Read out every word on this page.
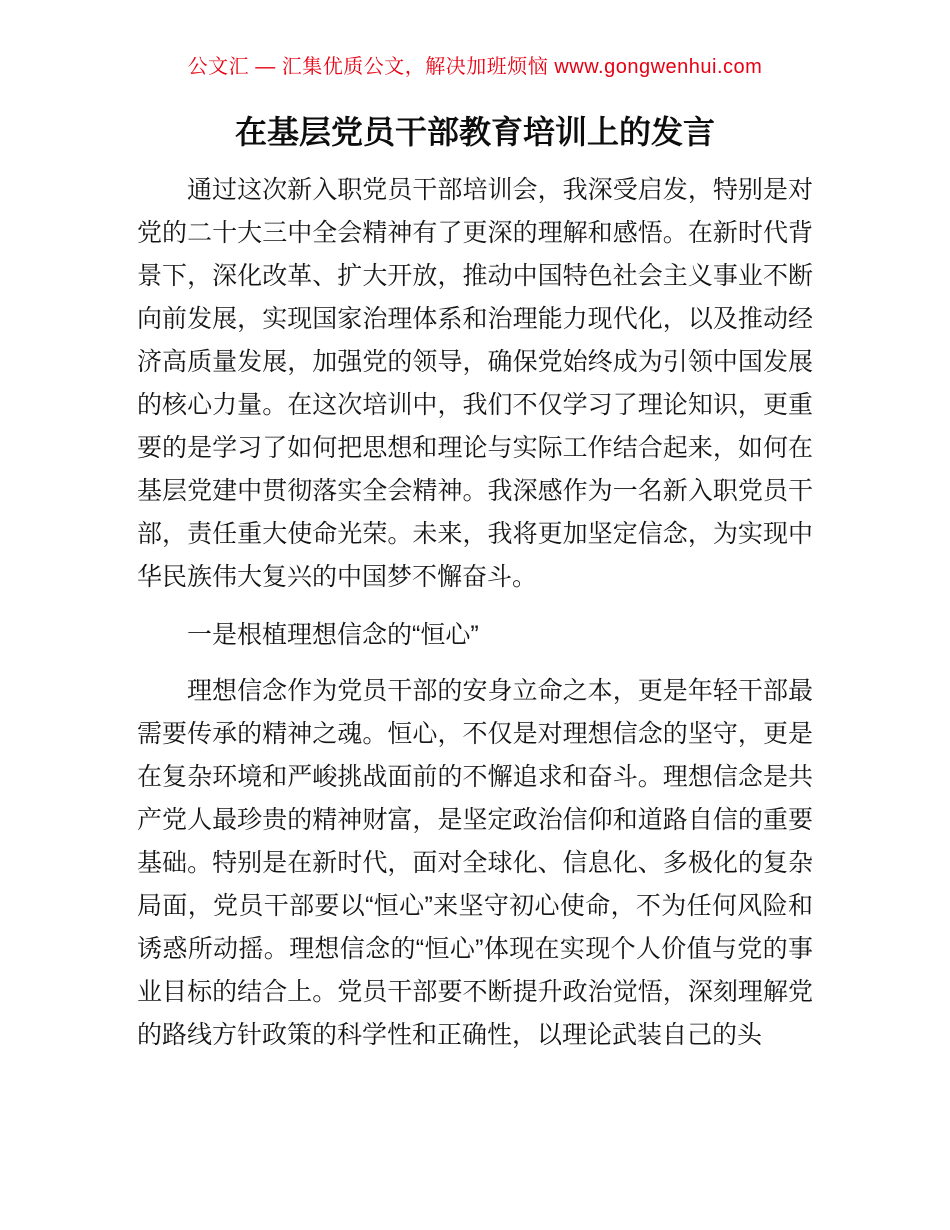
公文汇 — 汇集优质公文，解决加班烦恼 www.gongwenhui.com
在基层党员干部教育培训上的发言

通过这次新入职党员干部培训会，我深受启发，特别是对党的二十大三中全会精神有了更深的理解和感悟。在新时代背景下，深化改革、扩大开放，推动中国特色社会主义事业不断向前发展，实现国家治理体系和治理能力现代化，以及推动经济高质量发展，加强党的领导，确保党始终成为引领中国发展的核心力量。在这次培训中，我们不仅学习了理论知识，更重要的是学习了如何把思想和理论与实际工作结合起来，如何在基层党建中贯彻落实全会精神。我深感作为一名新入职党员干部，责任重大使命光荣。未来，我将更加坚定信念，为实现中华民族伟大复兴的中国梦不懈奋斗。

一是根植理想信念的“恒心”

理想信念作为党员干部的安身立命之本，更是年轻干部最需要传承的精神之魂。恒心，不仅是对理想信念的坚守，更是在复杂环境和严峻挑战面前的不懈追求和奋斗。理想信念是共产党人最珍贵的精神财富，是坚定政治信仰和道路自信的重要基础。特别是在新时代，面对全球化、信息化、多极化的复杂局面，党员干部要以“恒心”来坚守初心使命，不为任何风险和诱惑所动摇。理想信念的“恒心”体现在实现个人价值与党的事业目标的结合上。党员干部要不断提升政治觉悟，深刻理解党的路线方针政策的科学性和正确性，以理论武装自己的头
